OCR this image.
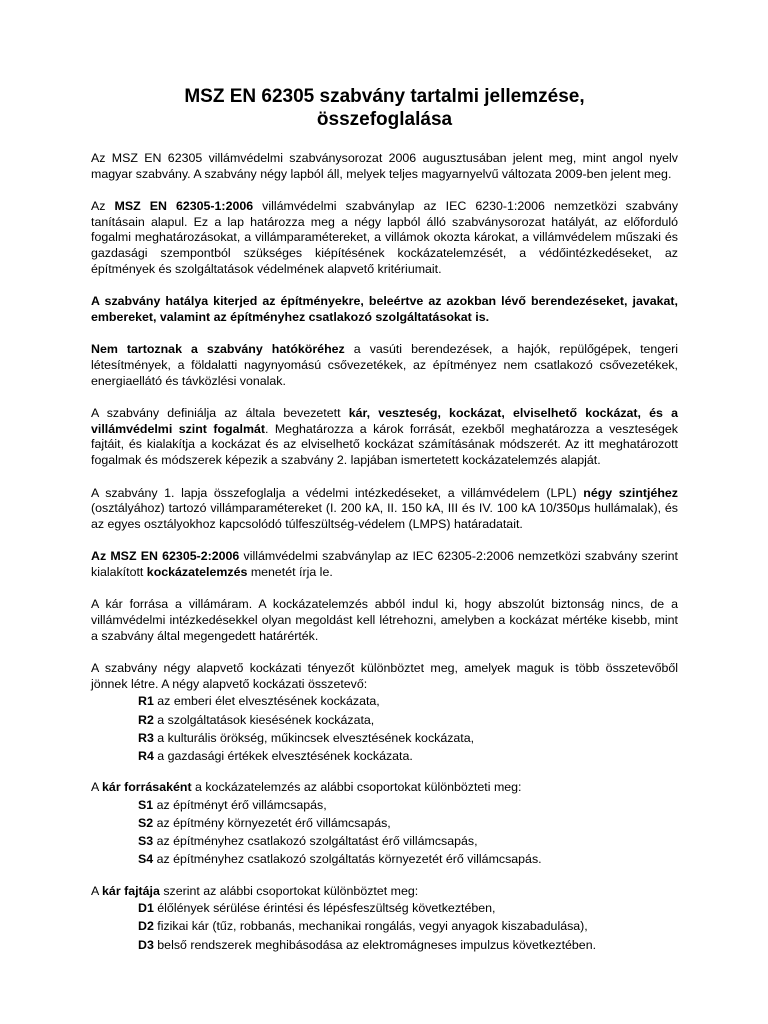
MSZ EN 62305 szabvány tartalmi jellemzése,
összefoglalása

Az MSZ EN 62305 villámvédelmi szabványsorozat 2006 augusztusában jelent meg, mint angol nyelv magyar szabvány. A szabvány négy lapból áll, melyek teljes magyarnyelvű változata 2009-ben jelent meg.

Az MSZ EN 62305-1:2006 villámvédelmi szabványlap az IEC 6230-1:2006 nemzetközi szabvány tanításain alapul. Ez a lap határozza meg a négy lapból álló szabványsorozat hatályát, az előforduló fogalmi meghatározásokat, a villámparamétereket, a villámok okozta károkat, a villámvédelem műszaki és gazdasági szempontból szükséges kiépítésének kockázatelemzését, a védőintézkedéseket, az építmények és szolgáltatások védelmének alapvető kritériumait.

A szabvány hatálya kiterjed az építményekre, beleértve az azokban lévő berendezéseket, javakat, embereket, valamint az építményhez csatlakozó szolgáltatásokat is.

Nem tartoznak a szabvány hatóköréhez a vasúti berendezések, a hajók, repülőgépek, tengeri létesítmények, a földalatti nagynyomású csővezetékek, az építményez nem csatlakozó csővezetékek, energiaellátó és távközlési vonalak.

A szabvány definiálja az általa bevezetett kár, veszteség, kockázat, elviselhető kockázat, és a villámvédelmi szint fogalmát. Meghatározza a károk forrását, ezekből meghatározza a veszteségek fajtáit, és kialakítja a kockázat és az elviselhető kockázat számításának módszerét. Az itt meghatározott fogalmak és módszerek képezik a szabvány 2. lapjában ismertetett kockázatelemzés alapját.

A szabvány 1. lapja összefoglalja a védelmi intézkedéseket, a villámvédelem (LPL) négy szintjéhez (osztályához) tartozó villámparamétereket (I. 200 kA, II. 150 kA, III és IV. 100 kA 10/350μs hullámalak), és az egyes osztályokhoz kapcsolódó túlfeszültség-védelem (LMPS) határadatait.

Az MSZ EN 62305-2:2006 villámvédelmi szabványlap az IEC 62305-2:2006 nemzetközi szabvány szerint kialakított kockázatelemzés menetét írja le.

A kár forrása a villámáram. A kockázatelemzés abból indul ki, hogy abszolút biztonság nincs, de a villámvédelmi intézkedésekkel olyan megoldást kell létrehozni, amelyben a kockázat mértéke kisebb, mint a szabvány által megengedett határérték.

A szabvány négy alapvető kockázati tényezőt különböztet meg, amelyek maguk is több összetevőből jönnek létre. A négy alapvető kockázati összetevő:

R1 az emberi élet elvesztésének kockázata,
R2 a szolgáltatások kiesésének kockázata,
R3 a kulturális örökség, műkincsek elvesztésének kockázata,
R4 a gazdasági értékek elvesztésének kockázata.

A kár forrásaként a kockázatelemzés az alábbi csoportokat különbözteti meg:

S1 az építményt érő villámcsapás,
S2 az építmény környezetét érő villámcsapás,
S3 az építményhez csatlakozó szolgáltatást érő villámcsapás,
S4 az építményhez csatlakozó szolgáltatás környezetét érő villámcsapás.

A kár fajtája szerint az alábbi csoportokat különböztet meg:

D1 élőlények sérülése érintési és lépésfeszültség következtében,
D2 fizikai kár (tűz, robbanás, mechanikai rongálás, vegyi anyagok kiszabadulása),
D3 belső rendszerek meghibásodása az elektromágneses impulzus következtében.
